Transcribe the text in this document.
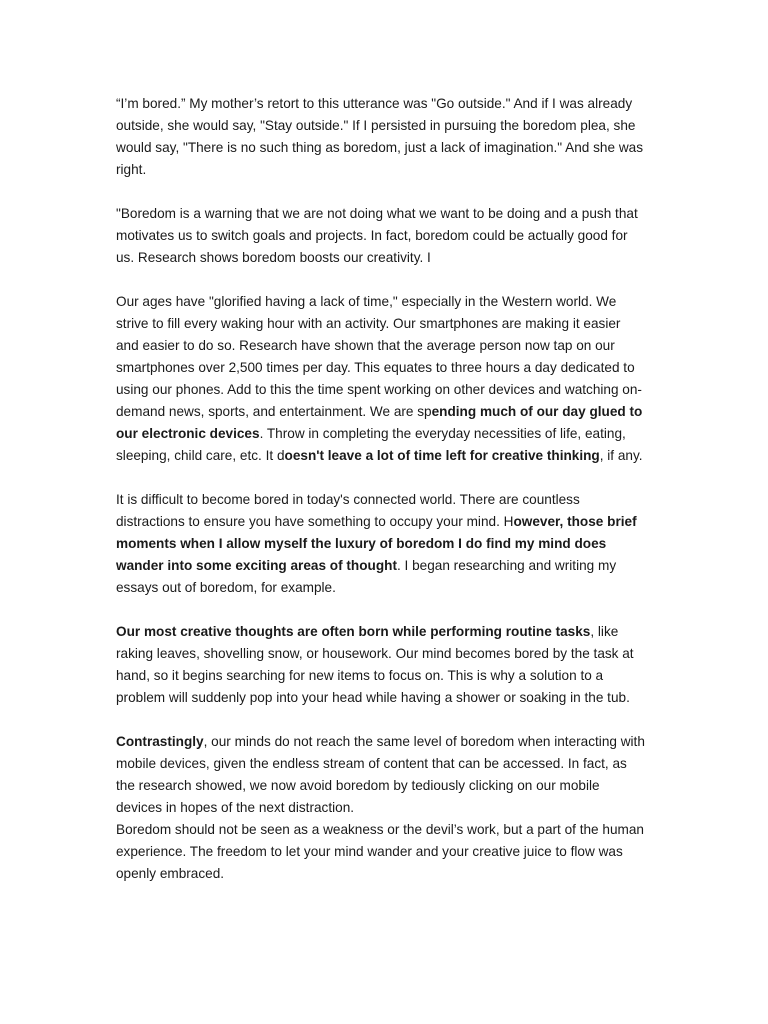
“I’m bored.” My mother’s retort to this utterance was "Go outside." And if I was already outside, she would say, "Stay outside." If I persisted in pursuing the boredom plea, she would say, "There is no such thing as boredom, just a lack of imagination." And she was right.

"Boredom is a warning that we are not doing what we want to be doing and a push that motivates us to switch goals and projects. In fact, boredom could be actually good for us. Research shows boredom boosts our creativity. I

Our ages have "glorified having a lack of time," especially in the Western world. We strive to fill every waking hour with an activity. Our smartphones are making it easier and easier to do so. Research have shown that the average person now tap on our smartphones over 2,500 times per day. This equates to three hours a day dedicated to using our phones. Add to this the time spent working on other devices and watching on-demand news, sports, and entertainment. We are spending much of our day glued to our electronic devices. Throw in completing the everyday necessities of life, eating, sleeping, child care, etc. It doesn't leave a lot of time left for creative thinking, if any.

It is difficult to become bored in today's connected world. There are countless distractions to ensure you have something to occupy your mind. However, those brief moments when I allow myself the luxury of boredom I do find my mind does wander into some exciting areas of thought. I began researching and writing my essays out of boredom, for example.

Our most creative thoughts are often born while performing routine tasks, like raking leaves, shovelling snow, or housework. Our mind becomes bored by the task at hand, so it begins searching for new items to focus on. This is why a solution to a problem will suddenly pop into your head while having a shower or soaking in the tub.

Contrastingly, our minds do not reach the same level of boredom when interacting with mobile devices, given the endless stream of content that can be accessed. In fact, as the research showed, we now avoid boredom by tediously clicking on our mobile devices in hopes of the next distraction.

Boredom should not be seen as a weakness or the devil’s work, but a part of the human experience. The freedom to let your mind wander and your creative juice to flow was openly embraced.
